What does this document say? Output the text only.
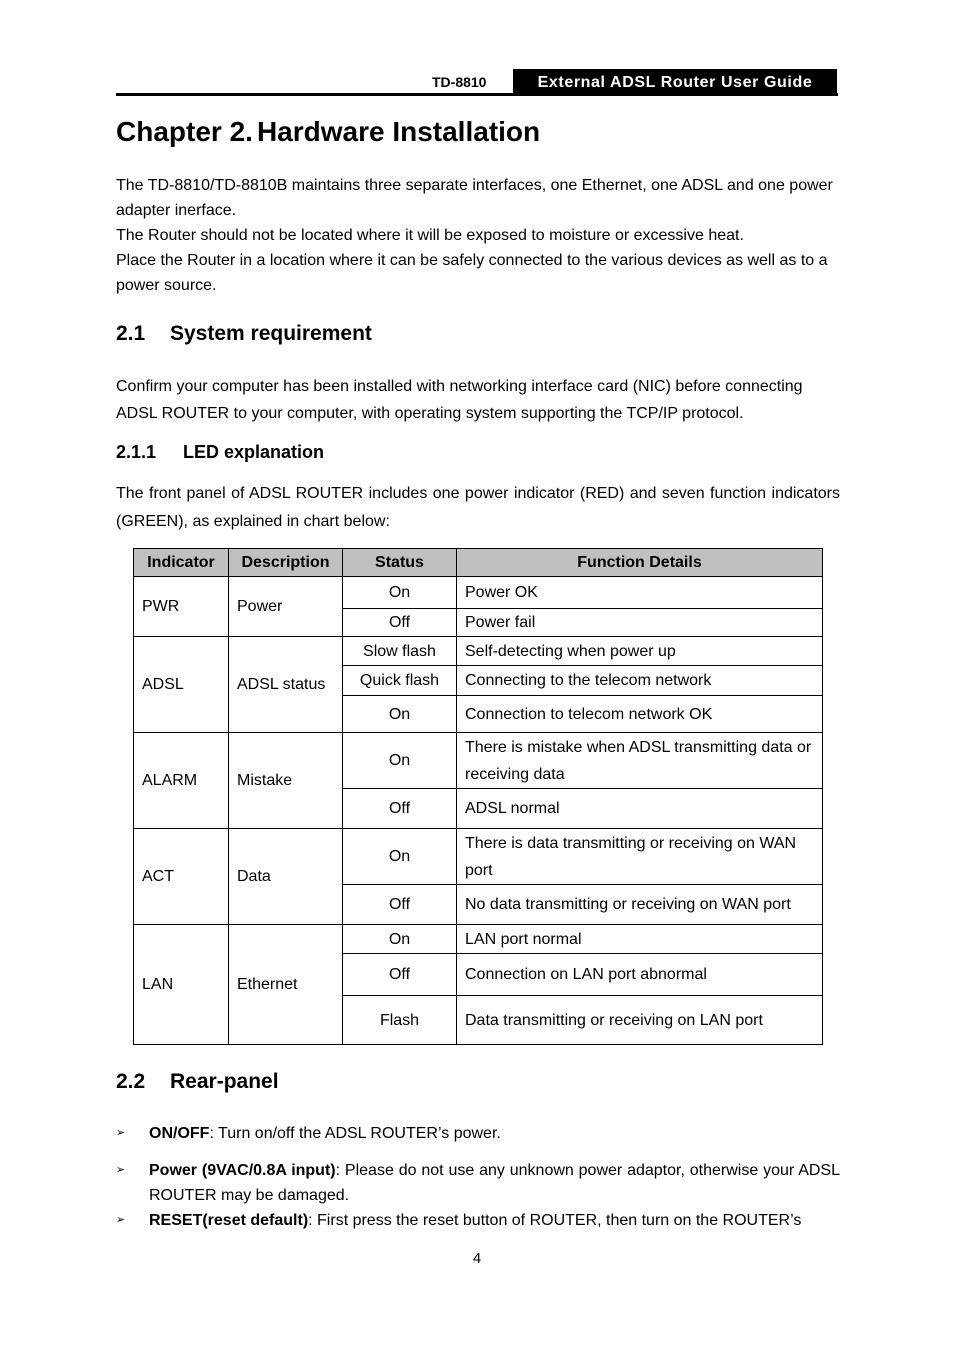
TD-8810	External ADSL Router User Guide
Chapter 2. Hardware Installation
The TD-8810/TD-8810B maintains three separate interfaces, one Ethernet, one ADSL and one power adapter inerface.
The Router should not be located where it will be exposed to moisture or excessive heat.
Place the Router in a location where it can be safely connected to the various devices as well as to a power source.
2.1 System requirement
Confirm your computer has been installed with networking interface card (NIC) before connecting ADSL ROUTER to your computer, with operating system supporting the TCP/IP protocol.
2.1.1 LED explanation
The front panel of ADSL ROUTER includes one power indicator (RED) and seven function indicators (GREEN), as explained in chart below:
Indicator	Description	Status	Function Details
PWR	Power	On	Power OK
		Off	Power fail
ADSL	ADSL status	Slow flash	Self-detecting when power up
		Quick flash	Connecting to the telecom network
		On	Connection to telecom network OK
ALARM	Mistake	On	There is mistake when ADSL transmitting data or receiving data
		Off	ADSL normal
ACT	Data	On	There is data transmitting or receiving on WAN port
		Off	No data transmitting or receiving on WAN port
LAN	Ethernet	On	LAN port normal
		Off	Connection on LAN port abnormal
		Flash	Data transmitting or receiving on LAN port
2.2 Rear-panel
➢ ON/OFF: Turn on/off the ADSL ROUTER’s power.
➢ Power (9VAC/0.8A input): Please do not use any unknown power adaptor, otherwise your ADSL ROUTER may be damaged.
➢ RESET(reset default): First press the reset button of ROUTER, then turn on the ROUTER’s
4
